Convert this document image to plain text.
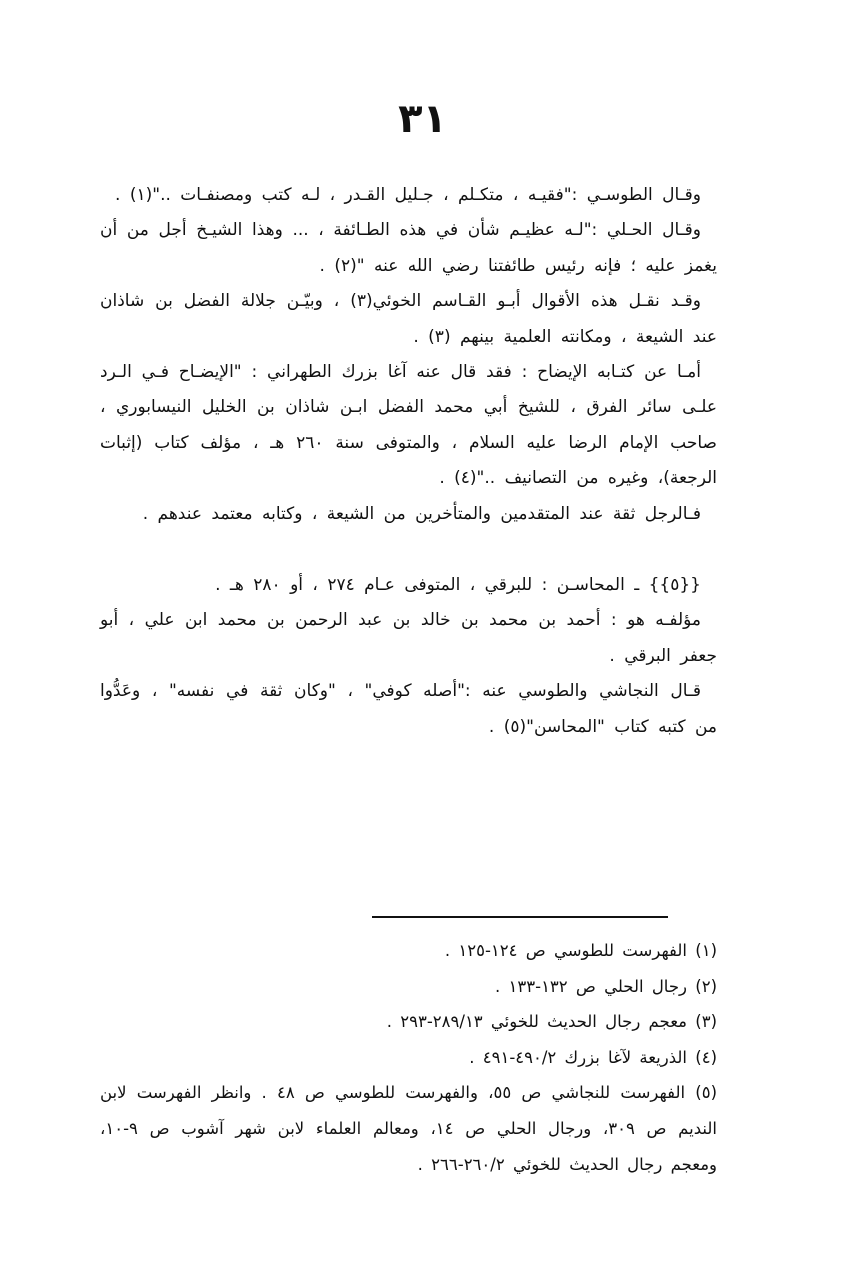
٣١

وقـال الطوسـي :"فقيـه ، متكـلم ، جـليل القـدر ، لـه كتب ومصنفـات .."(١) .

وقـال الحـلي :"لـه عظيـم شأن في هذه الطـائفة ، ... وهذا الشيـخ أجل من أن يغمز عليه ؛ فإنه رئيس طائفتنا رضي الله عنه "(٢) .

وقـد نقـل هذه الأقوال أبـو القـاسم الخوئي(٣) ، وبيّـن جلالة الفضل بن شاذان عند الشيعة ، ومكانته العلمية بينهم (٣) .

أمـا عن كتـابه الإيضاح : فقد قال عنه آغا بزرك الطهراني : "الإيضـاح فـي الـرد علـى سائر الفرق ، للشيخ أبي محمد الفضل ابـن شاذان بن الخليل النيسابوري ، صاحب الإمام الرضا عليه السلام ، والمتوفى سنة ٢٦٠ هـ ، مؤلف كتاب (إثبات الرجعة)، وغيره من التصانيف .."(٤) .

فـالرجل ثقة عند المتقدمين والمتأخرين من الشيعة ، وكتابه معتمد عندهم .

{{٥}} ـ المحاسـن : للبرقي ، المتوفى عـام ٢٧٤ ، أو ٢٨٠ هـ .

مؤلفـه هو : أحمد بن محمد بن خالد بن عبد الرحمن بن محمد ابن علي ، أبو جعفر البرقي .

قـال النجاشي والطوسي عنه :"أصله كوفي" ، "وكان ثقة في نفسه" ، وعَدُّوا من كتبه كتاب "المحاسن"(٥) .

(١) الفهرست للطوسي ص ١٢٤-١٢٥ .

(٢) رجال الحلي ص ١٣٢-١٣٣ .

(٣) معجم رجال الحديث للخوئي ٢٨٩/١٣-٢٩٣ .

(٤) الذريعة لآغا بزرك ٤٩٠/٢-٤٩١ .

(٥) الفهرست للنجاشي ص ٥٥، والفهرست للطوسي ص ٤٨ . وانظر الفهرست لابن النديم ص ٣٠٩، ورجال الحلي ص ١٤، ومعالم العلماء لابن شهر آشوب ص ٩-١٠، ومعجم رجال الحديث للخوئي ٢٦٠/٢-٢٦٦ .
